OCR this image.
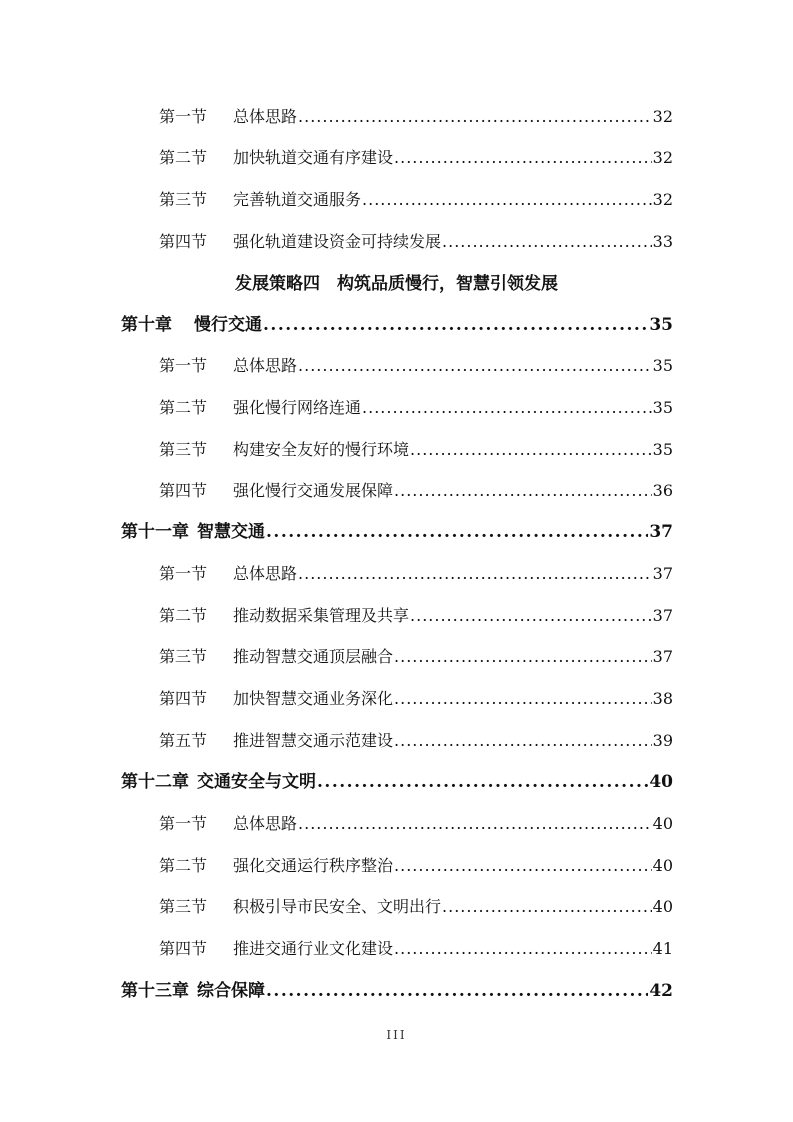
第一节	总体思路 .....	32
第二节	加快轨道交通有序建设 .....	32
第三节	完善轨道交通服务 .....	32
第四节	强化轨道建设资金可持续发展 .....	33
发展策略四　构筑品质慢行，智慧引领发展
第十章 慢行交通 .....	35
第一节	总体思路 .....	35
第二节	强化慢行网络连通 .....	35
第三节	构建安全友好的慢行环境 .....	35
第四节	强化慢行交通发展保障 .....	36
第十一章 智慧交通 .....	37
第一节	总体思路 .....	37
第二节	推动数据采集管理及共享 .....	37
第三节	推动智慧交通顶层融合 .....	37
第四节	加快智慧交通业务深化 .....	38
第五节	推进智慧交通示范建设 .....	39
第十二章 交通安全与文明 .....	40
第一节	总体思路 .....	40
第二节	强化交通运行秩序整治 .....	40
第三节	积极引导市民安全、文明出行 .....	40
第四节	推进交通行业文化建设 .....	41
第十三章 综合保障 .....	42
III
